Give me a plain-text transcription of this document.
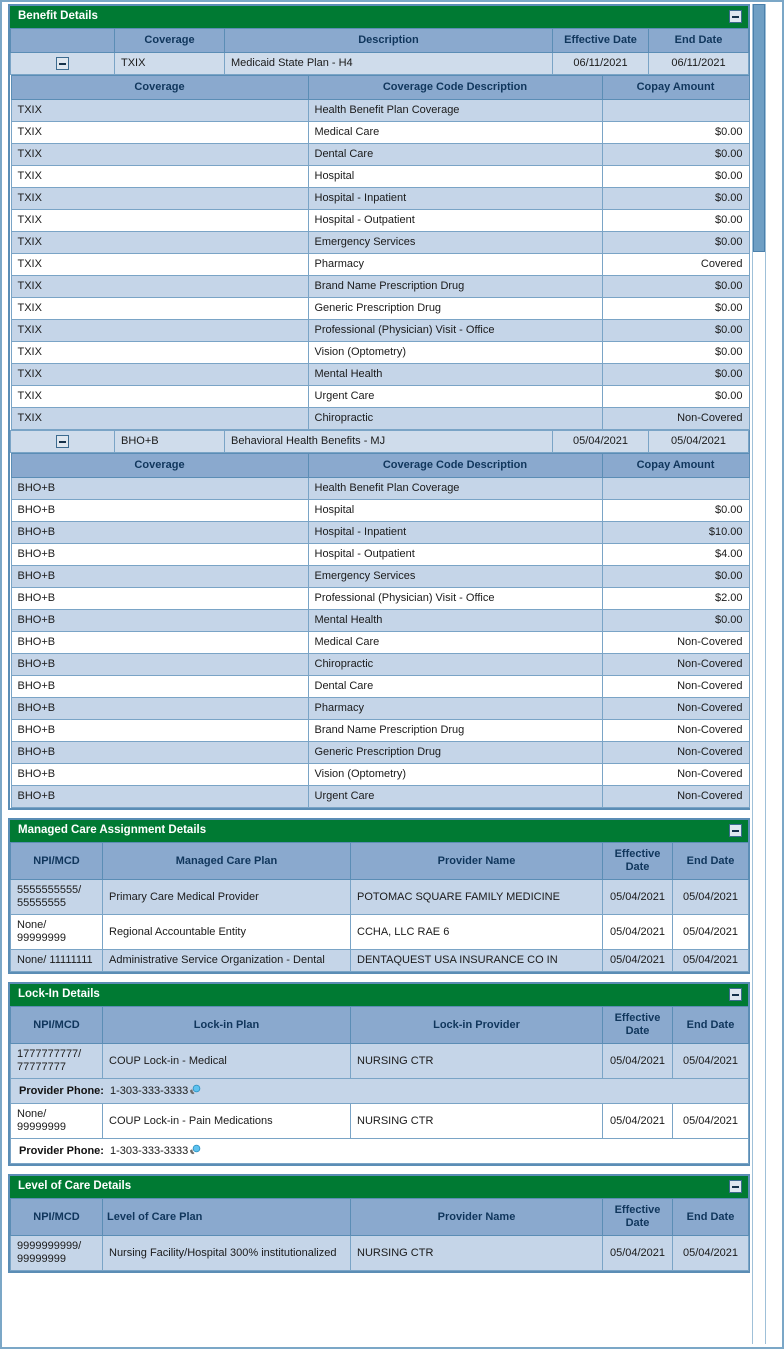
Benefit Details
	Coverage	Description	Effective Date	End Date

	TXIX	Medicaid State Plan - H4	06/11/2021	06/11/2021

Coverage	Coverage Code Description	Copay Amount
TXIX	Health Benefit Plan Coverage	
TXIX	Medical Care	$0.00
TXIX	Dental Care	$0.00
TXIX	Hospital	$0.00
TXIX	Hospital - Inpatient	$0.00
TXIX	Hospital - Outpatient	$0.00
TXIX	Emergency Services	$0.00
TXIX	Pharmacy	Covered
TXIX	Brand Name Prescription Drug	$0.00
TXIX	Generic Prescription Drug	$0.00
TXIX	Professional (Physician) Visit - Office	$0.00
TXIX	Vision (Optometry)	$0.00
TXIX	Mental Health	$0.00
TXIX	Urgent Care	$0.00
TXIX	Chiropractic	Non-Covered

	BHO+B	Behavioral Health Benefits - MJ	05/04/2021	05/04/2021

Coverage	Coverage Code Description	Copay Amount
BHO+B	Health Benefit Plan Coverage	
BHO+B	Hospital	$0.00
BHO+B	Hospital - Inpatient	$10.00
BHO+B	Hospital - Outpatient	$4.00
BHO+B	Emergency Services	$0.00
BHO+B	Professional (Physician) Visit - Office	$2.00
BHO+B	Mental Health	$0.00
BHO+B	Medical Care	Non-Covered
BHO+B	Chiropractic	Non-Covered
BHO+B	Dental Care	Non-Covered
BHO+B	Pharmacy	Non-Covered
BHO+B	Brand Name Prescription Drug	Non-Covered
BHO+B	Generic Prescription Drug	Non-Covered
BHO+B	Vision (Optometry)	Non-Covered
BHO+B	Urgent Care	Non-Covered
Managed Care Assignment Details
NPI/MCD	Managed Care Plan	Provider Name	Effective Date	End Date
5555555555/ 55555555	Primary Care Medical Provider	POTOMAC SQUARE FAMILY MEDICINE	05/04/2021	05/04/2021
None/ 99999999	Regional Accountable Entity	CCHA, LLC RAE 6	05/04/2021	05/04/2021
None/ 11111111	Administrative Service Organization - Dental	DENTAQUEST USA INSURANCE CO IN	05/04/2021	05/04/2021
Lock-In Details
NPI/MCD	Lock-in Plan	Lock-in Provider	Effective Date	End Date
1777777777/ 77777777	COUP Lock-in - Medical	NURSING CTR	05/04/2021	05/04/2021
Provider Phone: 1-303-333-3333				
None/ 99999999	COUP Lock-in - Pain Medications	NURSING CTR	05/04/2021	05/04/2021
Provider Phone: 1-303-333-3333				
Level of Care Details
NPI/MCD	Level of Care Plan	Provider Name	Effective Date	End Date
9999999999/ 99999999	Nursing Facility/Hospital 300% institutionalized	NURSING CTR	05/04/2021	05/04/2021
